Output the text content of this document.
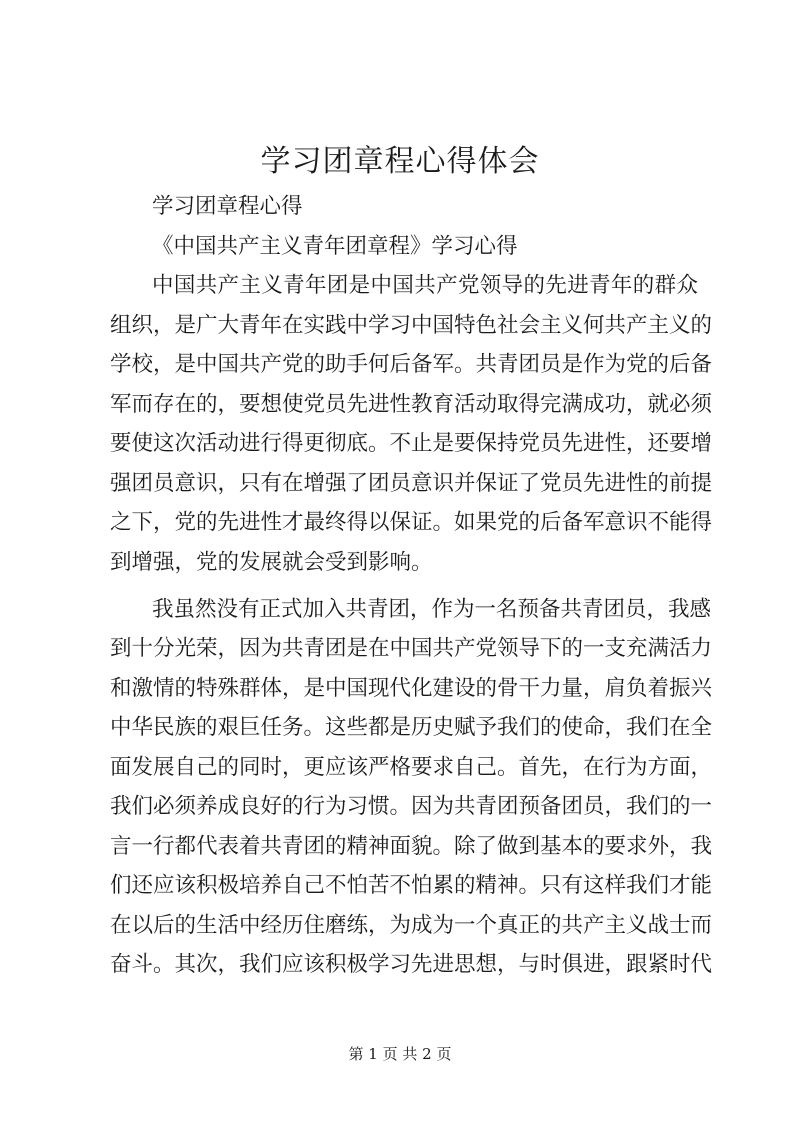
学习团章程心得体会

学习团章程心得

《中国共产主义青年团章程》学习心得

中国共产主义青年团是中国共产党领导的先进青年的群众

组织，是广大青年在实践中学习中国特色社会主义何共产主义的

学校，是中国共产党的助手何后备军。共青团员是作为党的后备

军而存在的，要想使党员先进性教育活动取得完满成功，就必须

要使这次活动进行得更彻底。不止是要保持党员先进性，还要增

强团员意识，只有在增强了团员意识并保证了党员先进性的前提

之下，党的先进性才最终得以保证。如果党的后备军意识不能得

到增强，党的发展就会受到影响。

我虽然没有正式加入共青团，作为一名预备共青团员，我感

到十分光荣，因为共青团是在中国共产党领导下的一支充满活力

和激情的特殊群体，是中国现代化建设的骨干力量，肩负着振兴

中华民族的艰巨任务。这些都是历史赋予我们的使命，我们在全

面发展自己的同时，更应该严格要求自己。首先，在行为方面，

我们必须养成良好的行为习惯。因为共青团预备团员，我们的一

言一行都代表着共青团的精神面貌。除了做到基本的要求外，我

们还应该积极培养自己不怕苦不怕累的精神。只有这样我们才能

在以后的生活中经历住磨练，为成为一个真正的共产主义战士而

奋斗。其次，我们应该积极学习先进思想，与时俱进，跟紧时代

第 1 页 共 2 页
